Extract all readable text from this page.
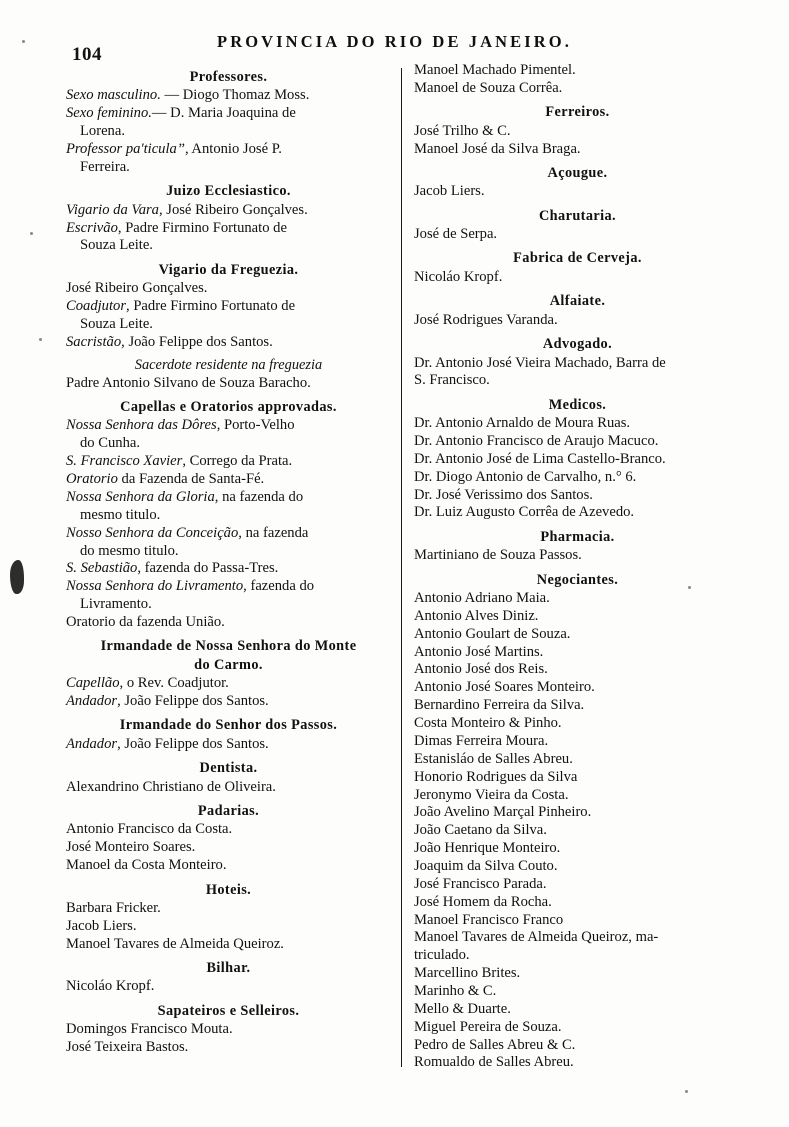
104
PROVINCIA DO RIO DE JANEIRO.
Professores.
Sexo masculino. — Diogo Thomaz Moss.
Sexo feminino.— D. Maria Joaquina de
Lorena.
Professor pa'ticula”, Antonio José P.
Ferreira.
Juizo Ecclesiastico.
Vigario da Vara, José Ribeiro Gonçalves.
Escrivão, Padre Firmino Fortunato de
Souza Leite.
Vigario da Freguezia.
José Ribeiro Gonçalves.
Coadjutor, Padre Firmino Fortunato de
Souza Leite.
Sacristão, João Felippe dos Santos.
Sacerdote residente na freguezia
Padre Antonio Silvano de Souza Baracho.
Capellas e Oratorios approvadas.
Nossa Senhora das Dôres, Porto-Velho
do Cunha.
S. Francisco Xavier, Corrego da Prata.
Oratorio da Fazenda de Santa-Fé.
Nossa Senhora da Gloria, na fazenda do
mesmo titulo.
Nosso Senhora da Conceição, na fazenda
do mesmo titulo.
S. Sebastião, fazenda do Passa-Tres.
Nossa Senhora do Livramento, fazenda do
Livramento.
Oratorio da fazenda União.
Irmandade de Nossa Senhora do Monte
do Carmo.
Capellão, o Rev. Coadjutor.
Andador, João Felippe dos Santos.
Irmandade do Senhor dos Passos.
Andador, João Felippe dos Santos.
Dentista.
Alexandrino Christiano de Oliveira.
Padarias.
Antonio Francisco da Costa.
José Monteiro Soares.
Manoel da Costa Monteiro.
Hoteis.
Barbara Fricker.
Jacob Liers.
Manoel Tavares de Almeida Queiroz.
Bilhar.
Nicoláo Kropf.
Sapateiros e Selleiros.
Domingos Francisco Mouta.
José Teixeira Bastos.
Manoel Machado Pimentel.
Manoel de Souza Corrêa.
Ferreiros.
José Trilho & C.
Manoel José da Silva Braga.
Açougue.
Jacob Liers.
Charutaria.
José de Serpa.
Fabrica de Cerveja.
Nicoláo Kropf.
Alfaiate.
José Rodrigues Varanda.
Advogado.
Dr. Antonio José Vieira Machado, Barra de
S. Francisco.
Medicos.
Dr. Antonio Arnaldo de Moura Ruas.
Dr. Antonio Francisco de Araujo Macuco.
Dr. Antonio José de Lima Castello-Branco.
Dr. Diogo Antonio de Carvalho, n.° 6.
Dr. José Verissimo dos Santos.
Dr. Luiz Augusto Corrêa de Azevedo.
Pharmacia.
Martiniano de Souza Passos.
Negociantes.
Antonio Adriano Maia.
Antonio Alves Diniz.
Antonio Goulart de Souza.
Antonio José Martins.
Antonio José dos Reis.
Antonio José Soares Monteiro.
Bernardino Ferreira da Silva.
Costa Monteiro & Pinho.
Dimas Ferreira Moura.
Estanisláo de Salles Abreu.
Honorio Rodrigues da Silva
Jeronymo Vieira da Costa.
João Avelino Marçal Pinheiro.
João Caetano da Silva.
João Henrique Monteiro.
Joaquim da Silva Couto.
José Francisco Parada.
José Homem da Rocha.
Manoel Francisco Franco
Manoel Tavares de Almeida Queiroz, ma-
triculado.
Marcellino Brites.
Marinho & C.
Mello & Duarte.
Miguel Pereira de Souza.
Pedro de Salles Abreu & C.
Romualdo de Salles Abreu.
